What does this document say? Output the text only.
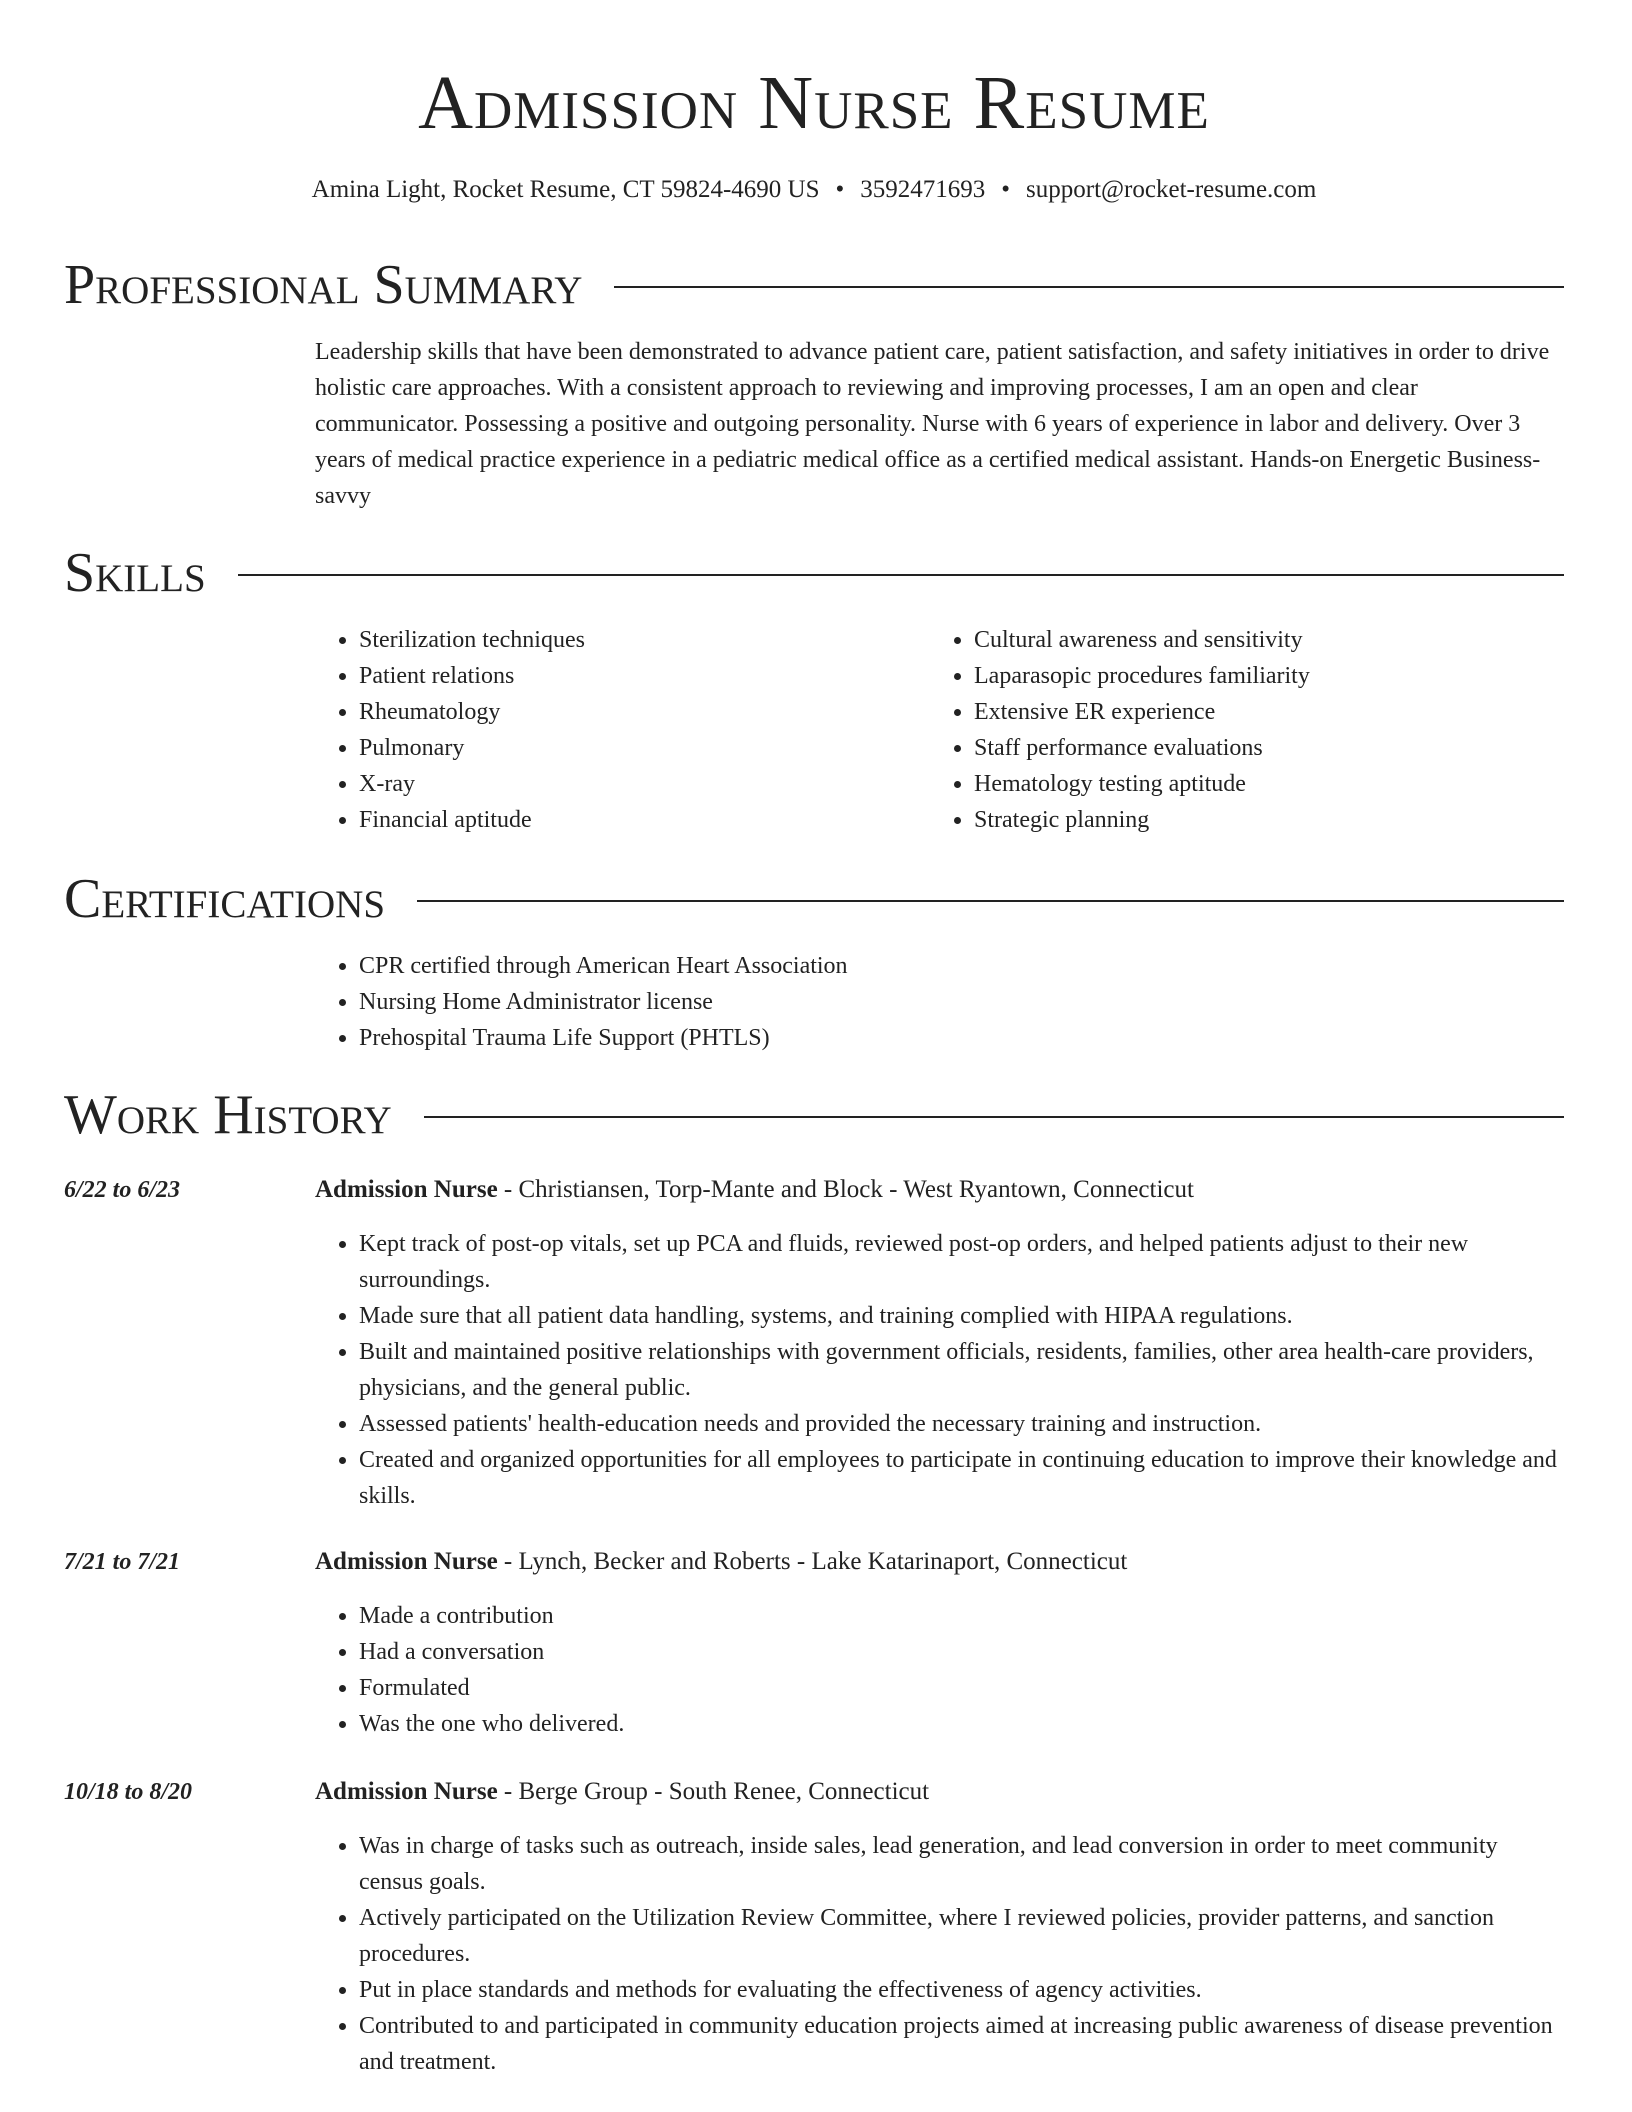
Admission Nurse Resume
Amina Light, Rocket Resume, CT 59824-4690 US • 3592471693 • support@rocket-resume.com
Professional Summary
Leadership skills that have been demonstrated to advance patient care, patient satisfaction, and safety initiatives in order to drive holistic care approaches. With a consistent approach to reviewing and improving processes, I am an open and clear communicator. Possessing a positive and outgoing personality. Nurse with 6 years of experience in labor and delivery. Over 3 years of medical practice experience in a pediatric medical office as a certified medical assistant. Hands-on Energetic Business-savvy
Skills
• Sterilization techniques
• Patient relations
• Rheumatology
• Pulmonary
• X-ray
• Financial aptitude
• Cultural awareness and sensitivity
• Laparasopic procedures familiarity
• Extensive ER experience
• Staff performance evaluations
• Hematology testing aptitude
• Strategic planning
Certifications
• CPR certified through American Heart Association
• Nursing Home Administrator license
• Prehospital Trauma Life Support (PHTLS)
Work History
6/22 to 6/23	Admission Nurse - Christiansen, Torp-Mante and Block - West Ryantown, Connecticut
• Kept track of post-op vitals, set up PCA and fluids, reviewed post-op orders, and helped patients adjust to their new surroundings.
• Made sure that all patient data handling, systems, and training complied with HIPAA regulations.
• Built and maintained positive relationships with government officials, residents, families, other area health-care providers, physicians, and the general public.
• Assessed patients' health-education needs and provided the necessary training and instruction.
• Created and organized opportunities for all employees to participate in continuing education to improve their knowledge and skills.
7/21 to 7/21	Admission Nurse - Lynch, Becker and Roberts - Lake Katarinaport, Connecticut
• Made a contribution
• Had a conversation
• Formulated
• Was the one who delivered.
10/18 to 8/20	Admission Nurse - Berge Group - South Renee, Connecticut
• Was in charge of tasks such as outreach, inside sales, lead generation, and lead conversion in order to meet community census goals.
• Actively participated on the Utilization Review Committee, where I reviewed policies, provider patterns, and sanction procedures.
• Put in place standards and methods for evaluating the effectiveness of agency activities.
• Contributed to and participated in community education projects aimed at increasing public awareness of disease prevention and treatment.
